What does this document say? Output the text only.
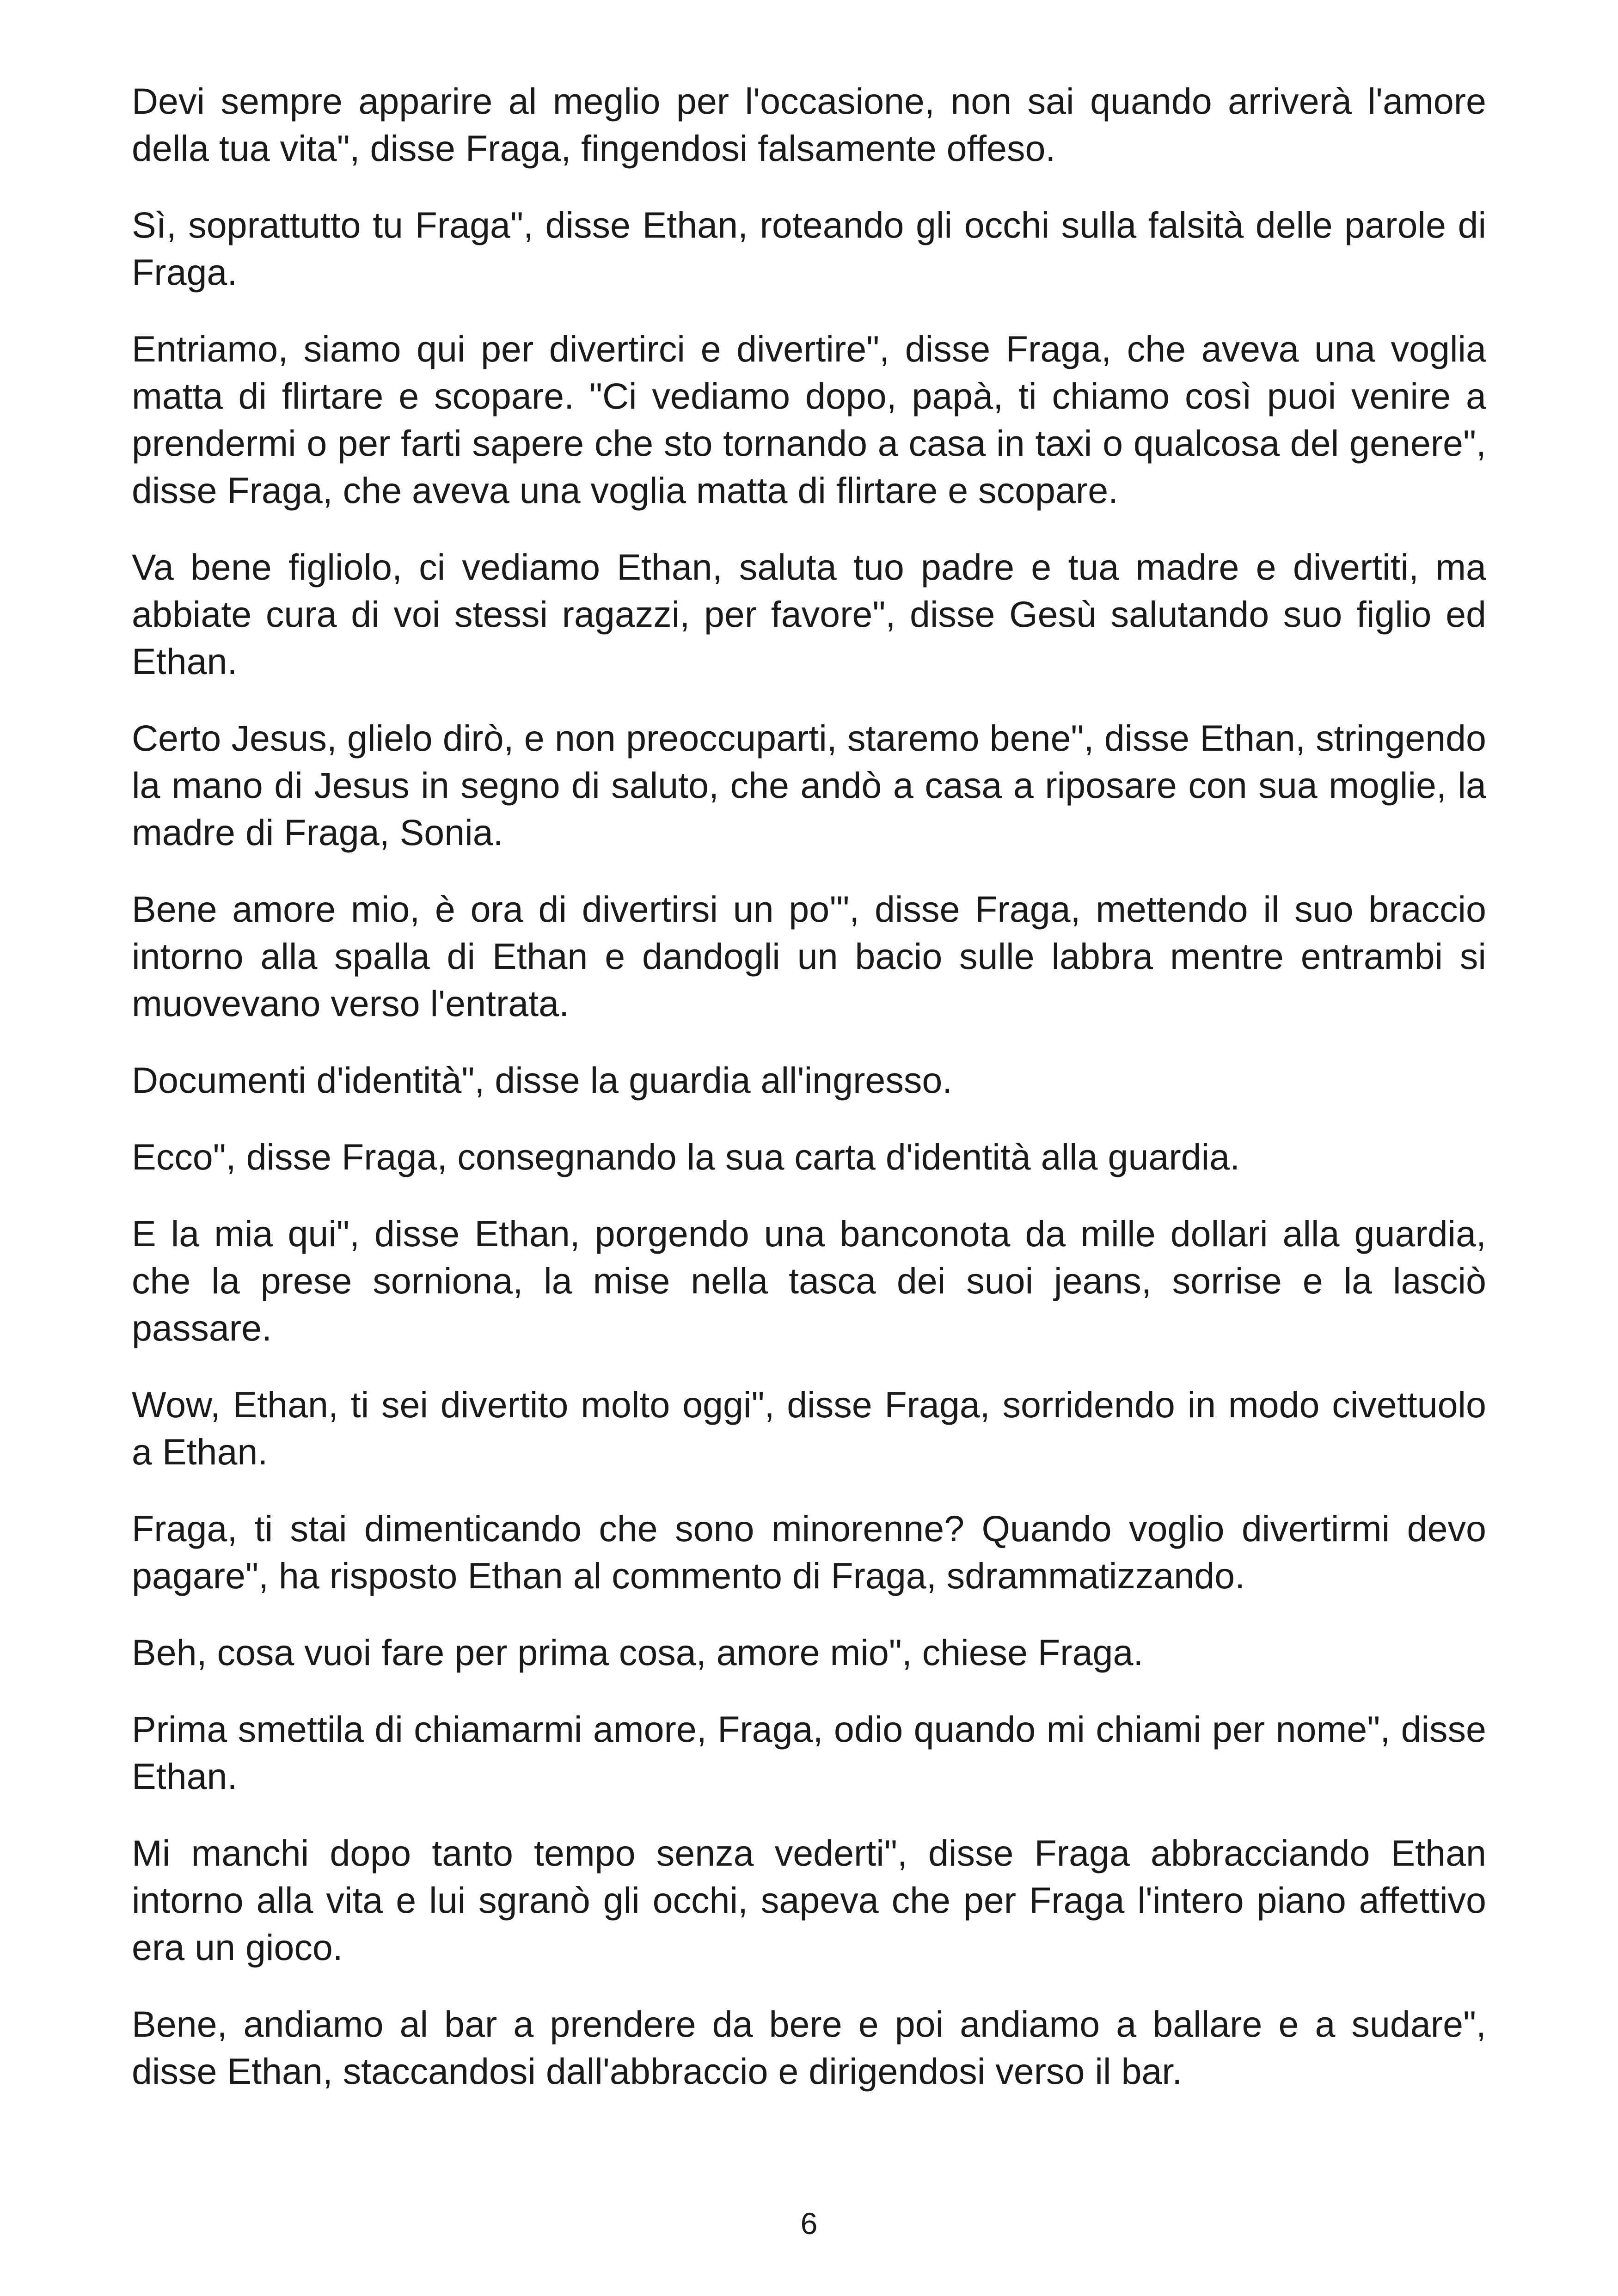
Devi sempre apparire al meglio per l'occasione, non sai quando arriverà l'amore della tua vita", disse Fraga, fingendosi falsamente offeso.

Sì, soprattutto tu Fraga", disse Ethan, roteando gli occhi sulla falsità delle parole di Fraga.

Entriamo, siamo qui per divertirci e divertire", disse Fraga, che aveva una voglia matta di flirtare e scopare. "Ci vediamo dopo, papà, ti chiamo così puoi venire a prendermi o per farti sapere che sto tornando a casa in taxi o qualcosa del genere", disse Fraga, che aveva una voglia matta di flirtare e scopare.

Va bene figliolo, ci vediamo Ethan, saluta tuo padre e tua madre e divertiti, ma abbiate cura di voi stessi ragazzi, per favore", disse Gesù salutando suo figlio ed Ethan.

Certo Jesus, glielo dirò, e non preoccuparti, staremo bene", disse Ethan, stringendo la mano di Jesus in segno di saluto, che andò a casa a riposare con sua moglie, la madre di Fraga, Sonia.

Bene amore mio, è ora di divertirsi un po'", disse Fraga, mettendo il suo braccio intorno alla spalla di Ethan e dandogli un bacio sulle labbra mentre entrambi si muovevano verso l'entrata.

Documenti d'identità", disse la guardia all'ingresso.

Ecco", disse Fraga, consegnando la sua carta d'identità alla guardia.

E la mia qui", disse Ethan, porgendo una banconota da mille dollari alla guardia, che la prese sorniona, la mise nella tasca dei suoi jeans, sorrise e la lasciò passare.

Wow, Ethan, ti sei divertito molto oggi", disse Fraga, sorridendo in modo civettuolo a Ethan.

Fraga, ti stai dimenticando che sono minorenne? Quando voglio divertirmi devo pagare", ha risposto Ethan al commento di Fraga, sdrammatizzando.

Beh, cosa vuoi fare per prima cosa, amore mio", chiese Fraga.

Prima smettila di chiamarmi amore, Fraga, odio quando mi chiami per nome", disse Ethan.

Mi manchi dopo tanto tempo senza vederti", disse Fraga abbracciando Ethan intorno alla vita e lui sgranò gli occhi, sapeva che per Fraga l'intero piano affettivo era un gioco.

Bene, andiamo al bar a prendere da bere e poi andiamo a ballare e a sudare", disse Ethan, staccandosi dall'abbraccio e dirigendosi verso il bar.

6
